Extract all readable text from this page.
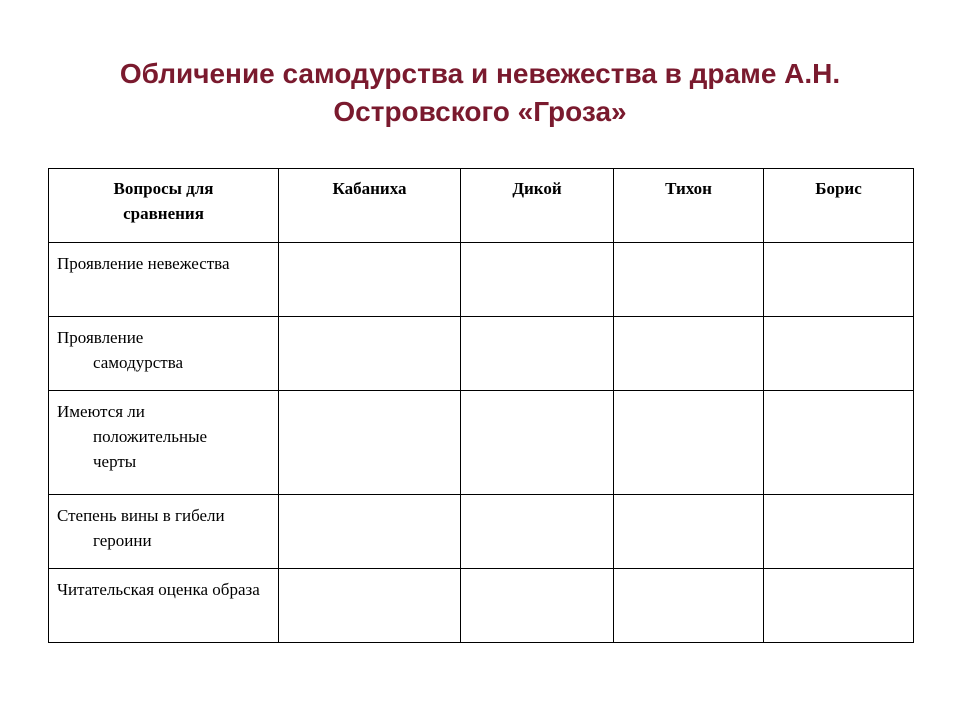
Обличение самодурства и невежества в драме А.Н.
Островского «Гроза»
Вопросы для сравнения	Кабаниха	Дикой	Тихон	Борис

Проявление невежества				

Проявление самодурства				

Имеются ли положительные черты				

Степень вины в гибели героини				

Читательская оценка образа				
